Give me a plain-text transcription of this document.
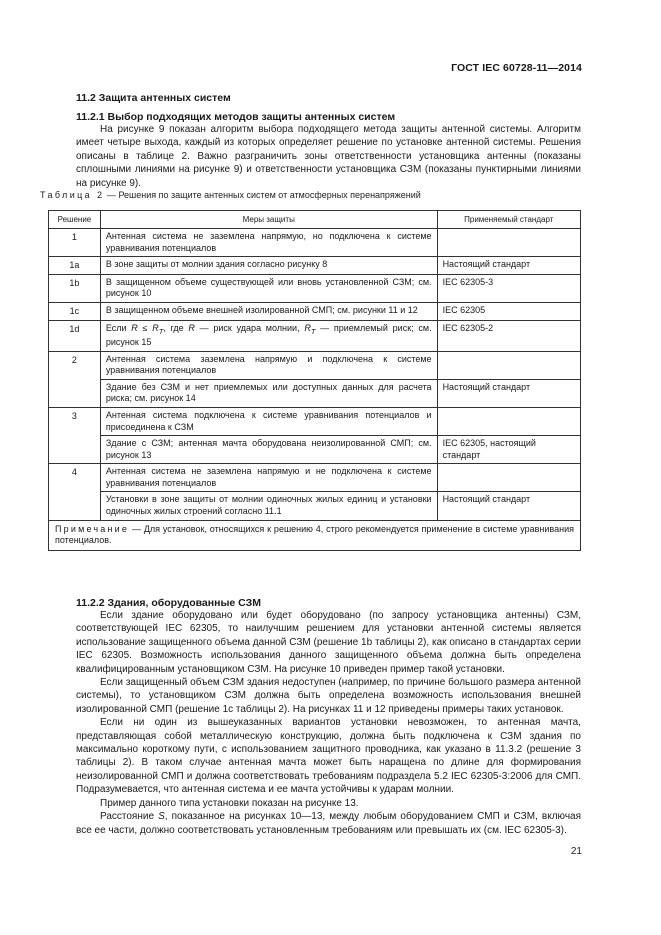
ГОСТ IEC 60728-11—2014
11.2 Защита антенных систем
11.2.1 Выбор подходящих методов защиты антенных систем

На рисунке 9 показан алгоритм выбора подходящего метода защиты антенной системы. Алгоритм имеет четыре выхода, каждый из которых определяет решение по установке антенной системы. Решения описаны в таблице 2. Важно разграничить зоны ответственности установщика антенны (показаны сплошными линиями на рисунке 9) и ответственности установщика СЗМ (показаны пунктирными линиями на рисунке 9).

Таблица 2 — Решения по защите антенных систем от атмосферных перенапряжений
Решение	Меры защиты	Применяемый стандарт
1	Антенная система не заземлена напрямую, но подключена к системе уравнивания потенциалов	
1a	В зоне защиты от молнии здания согласно рисунку 8	Настоящий стандарт
1b	В защищенном объеме существующей или вновь установленной СЗМ; см. рисунок 10	IEC 62305-3
1c	В защищенном объеме внешней изолированной СМП; см. рисунки 11 и 12	IEC 62305
1d	Если $R \le R_T$, где R — риск удара молнии, $R_T$ — приемлемый риск; см. рисунок 15	IEC 62305-2
2	Антенная система заземлена напрямую и подключена к системе уравнивания потенциалов	
	Здание без СЗМ и нет приемлемых или доступных данных для расчета риска; см. рисунок 14	Настоящий стандарт
3	Антенная система подключена к системе уравнивания потенциалов и присоединена к СЗМ	
	Здание с СЗМ; антенная мачта оборудована неизолированной СМП; см. рисунок 13	IEC 62305, настоящий стандарт
4	Антенная система не заземлена напрямую и не подключена к системе уравнивания потенциалов	
	Установки в зоне защиты от молнии одиночных жилых единиц и установки одиночных жилых строений согласно 11.1	Настоящий стандарт
Примечание — Для установок, относящихся к решению 4, строго рекомендуется применение в системе уравнивания потенциалов.		
11.2.2 Здания, оборудованные СЗМ

Если здание оборудовано или будет оборудовано (по запросу установщика антенны) СЗМ, соответствующей IEC 62305, то наилучшим решением для установки антенной системы является использование защищенного объема данной СЗМ (решение 1b таблицы 2), как описано в стандартах серии IEC 62305. Возможность использования данного защищенного объема должна быть определена квалифицированным установщиком СЗМ. На рисунке 10 приведен пример такой установки.

Если защищенный объем СЗМ здания недоступен (например, по причине большого размера антенной системы), то установщиком СЗМ должна быть определена возможность использования внешней изолированной СМП (решение 1c таблицы 2). На рисунках 11 и 12 приведены примеры таких установок.

Если ни один из вышеуказанных вариантов установки невозможен, то антенная мачта, представляющая собой металлическую конструкцию, должна быть подключена к СЗМ здания по максимально короткому пути, с использованием защитного проводника, как указано в 11.3.2 (решение 3 таблицы 2). В таком случае антенная мачта может быть наращена по длине для формирования неизолированной СМП и должна соответствовать требованиям подраздела 5.2 IEC 62305-3:2006 для СМП. Подразумевается, что антенная система и ее мачта устойчивы к ударам молнии.

Пример данного типа установки показан на рисунке 13.

Расстояние S, показанное на рисунках 10—13, между любым оборудованием СМП и СЗМ, включая все ее части, должно соответствовать установленным требованиям или превышать их (см. IEC 62305-3).

21
